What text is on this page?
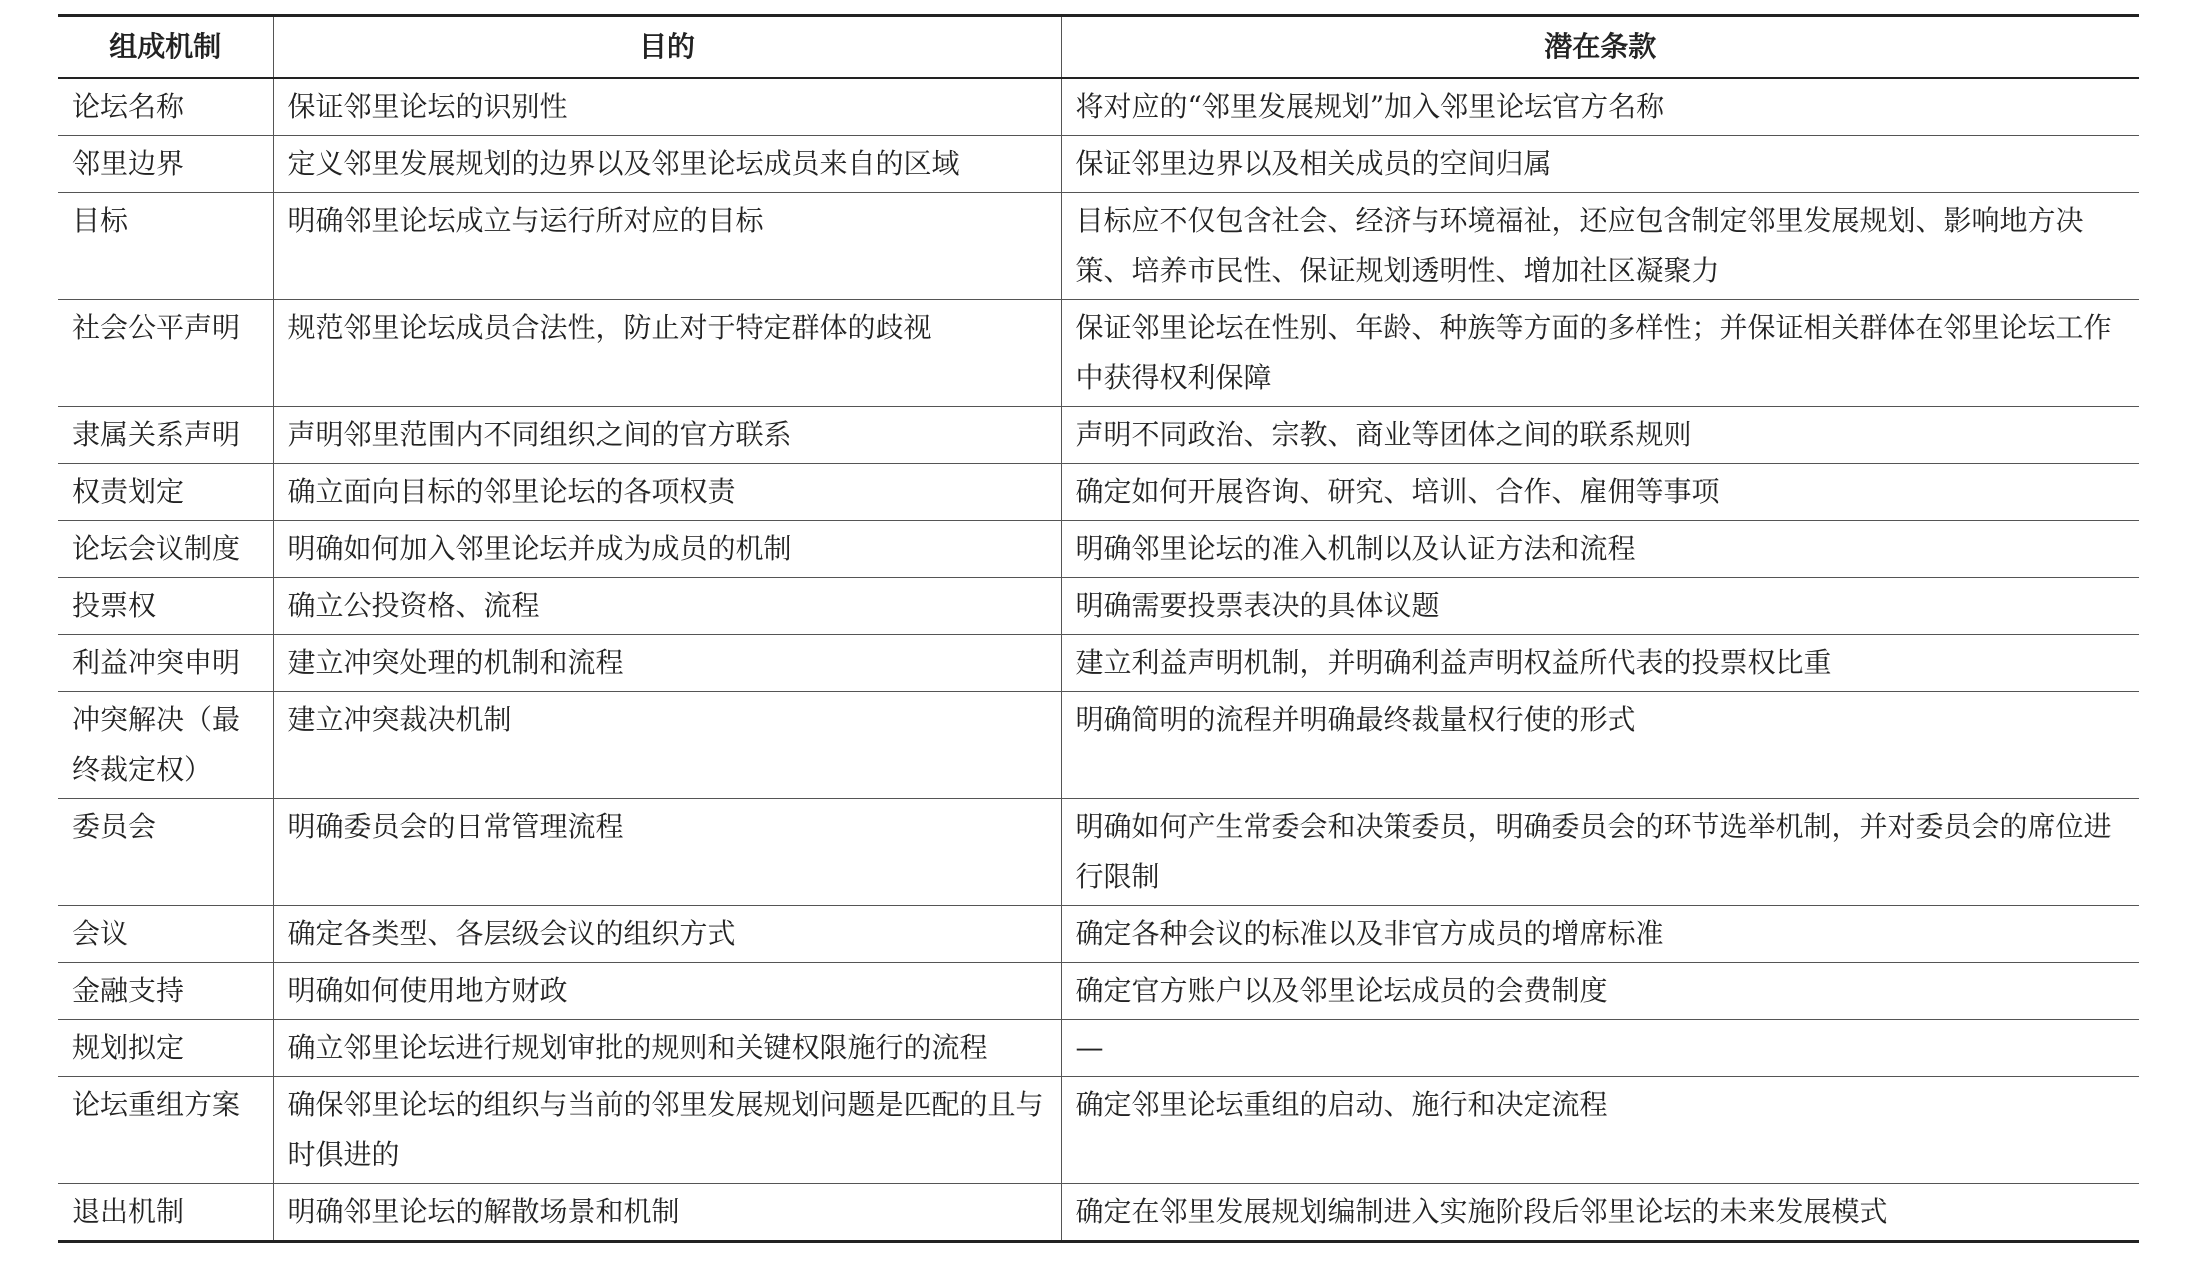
组成机制	目的	潜在条款
论坛名称	保证邻里论坛的识别性	将对应的“邻里发展规划”加入邻里论坛官方名称
邻里边界	定义邻里发展规划的边界以及邻里论坛成员来自的区域	保证邻里边界以及相关成员的空间归属
目标	明确邻里论坛成立与运行所对应的目标	目标应不仅包含社会、经济与环境福祉，还应包含制定邻里发展规划、影响地方决策、培养市民性、保证规划透明性、增加社区凝聚力
社会公平声明	规范邻里论坛成员合法性，防止对于特定群体的歧视	保证邻里论坛在性别、年龄、种族等方面的多样性；并保证相关群体在邻里论坛工作中获得权利保障
隶属关系声明	声明邻里范围内不同组织之间的官方联系	声明不同政治、宗教、商业等团体之间的联系规则
权责划定	确立面向目标的邻里论坛的各项权责	确定如何开展咨询、研究、培训、合作、雇佣等事项
论坛会议制度	明确如何加入邻里论坛并成为成员的机制	明确邻里论坛的准入机制以及认证方法和流程
投票权	确立公投资格、流程	明确需要投票表决的具体议题
利益冲突申明	建立冲突处理的机制和流程	建立利益声明机制，并明确利益声明权益所代表的投票权比重
冲突解决（最终裁定权）	建立冲突裁决机制	明确简明的流程并明确最终裁量权行使的形式
委员会	明确委员会的日常管理流程	明确如何产生常委会和决策委员，明确委员会的环节选举机制，并对委员会的席位进行限制
会议	确定各类型、各层级会议的组织方式	确定各种会议的标准以及非官方成员的增席标准
金融支持	明确如何使用地方财政	确定官方账户以及邻里论坛成员的会费制度
规划拟定	确立邻里论坛进行规划审批的规则和关键权限施行的流程	—
论坛重组方案	确保邻里论坛的组织与当前的邻里发展规划问题是匹配的且与时俱进的	确定邻里论坛重组的启动、施行和决定流程
退出机制	明确邻里论坛的解散场景和机制	确定在邻里发展规划编制进入实施阶段后邻里论坛的未来发展模式
